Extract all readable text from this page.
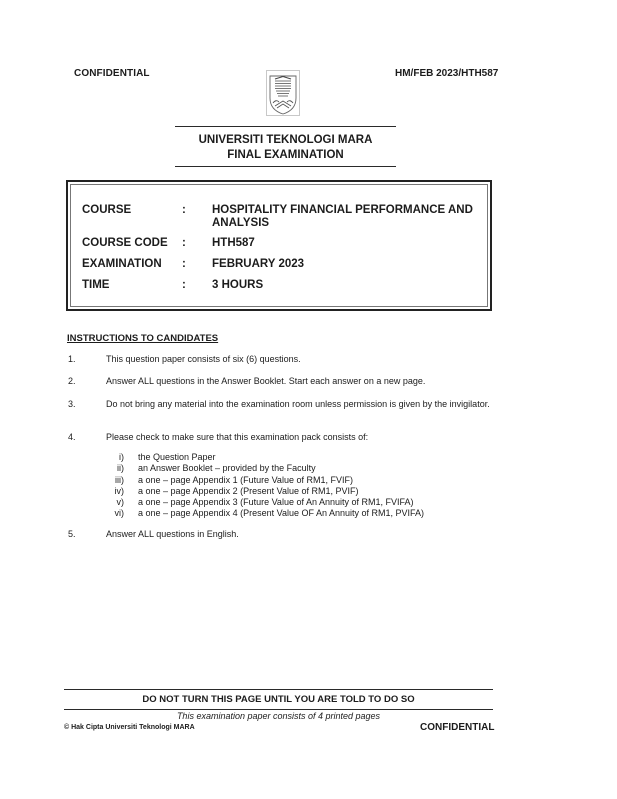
CONFIDENTIAL	HM/FEB 2023/HTH587
UNIVERSITI TEKNOLOGI MARA
FINAL EXAMINATION
COURSE	:	HOSPITALITY FINANCIAL PERFORMANCE AND ANALYSIS
COURSE CODE	:	HTH587
EXAMINATION	:	FEBRUARY 2023
TIME	:	3 HOURS
INSTRUCTIONS TO CANDIDATES
1.	This question paper consists of six (6) questions.
2.	Answer ALL questions in the Answer Booklet. Start each answer on a new page.
3.	Do not bring any material into the examination room unless permission is given by the invigilator.
4.	Please check to make sure that this examination pack consists of:
i)	the Question Paper
ii)	an Answer Booklet – provided by the Faculty
iii)	a one – page Appendix 1 (Future Value of RM1, FVIF)
iv)	a one – page Appendix 2 (Present Value of RM1, PVIF)
v)	a one – page Appendix 3 (Future Value of An Annuity of RM1, FVIFA)
vi)	a one – page Appendix 4 (Present Value OF An Annuity of RM1, PVIFA)
5.	Answer ALL questions in English.
DO NOT TURN THIS PAGE UNTIL YOU ARE TOLD TO DO SO
This examination paper consists of 4 printed pages
© Hak Cipta Universiti Teknologi MARA	CONFIDENTIAL
